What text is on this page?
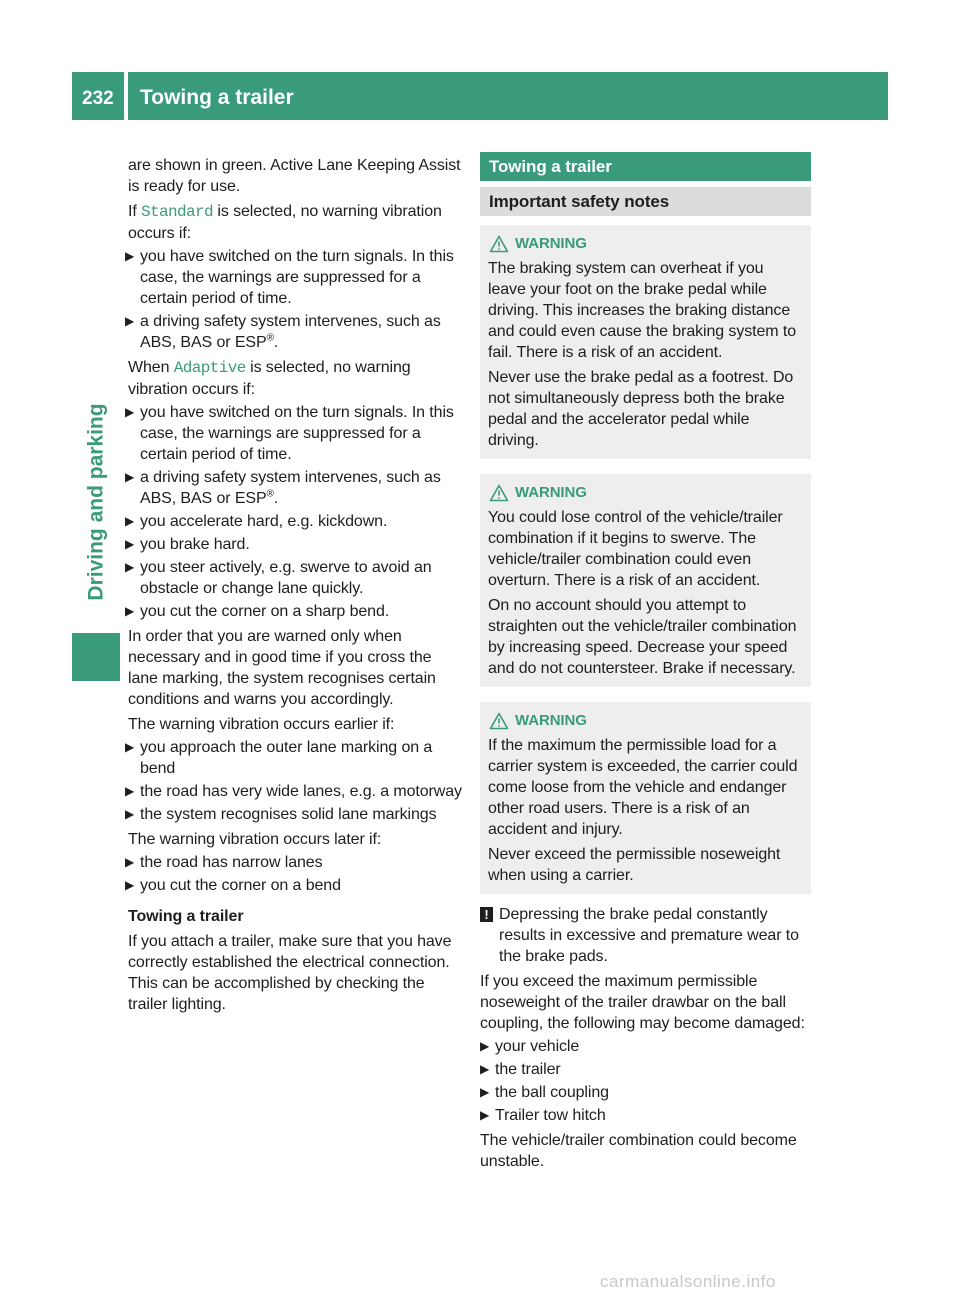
232 Towing a trailer
Driving and parking

are shown in green. Active Lane Keeping Assist is ready for use.

If Standard is selected, no warning vibration occurs if:

▶ you have switched on the turn signals. In this case, the warnings are suppressed for a certain period of time.
▶ a driving safety system intervenes, such as ABS, BAS or ESP®.

When Adaptive is selected, no warning vibration occurs if:

▶ you have switched on the turn signals. In this case, the warnings are suppressed for a certain period of time.
▶ a driving safety system intervenes, such as ABS, BAS or ESP®.
▶ you accelerate hard, e.g. kickdown.
▶ you brake hard.
▶ you steer actively, e.g. swerve to avoid an obstacle or change lane quickly.
▶ you cut the corner on a sharp bend.

In order that you are warned only when necessary and in good time if you cross the lane marking, the system recognises certain conditions and warns you accordingly.

The warning vibration occurs earlier if:

▶ you approach the outer lane marking on a bend
▶ the road has very wide lanes, e.g. a motorway
▶ the system recognises solid lane markings

The warning vibration occurs later if:

▶ the road has narrow lanes
▶ you cut the corner on a bend

Towing a trailer

If you attach a trailer, make sure that you have correctly established the electrical connection. This can be accomplished by checking the trailer lighting.

Towing a trailer
Important safety notes
WARNING

The braking system can overheat if you leave your foot on the brake pedal while driving. This increases the braking distance and could even cause the braking system to fail. There is a risk of an accident.

Never use the brake pedal as a footrest. Do not simultaneously depress both the brake pedal and the accelerator pedal while driving.

WARNING

You could lose control of the vehicle/trailer combination if it begins to swerve. The vehicle/trailer combination could even overturn. There is a risk of an accident.

On no account should you attempt to straighten out the vehicle/trailer combination by increasing speed. Decrease your speed and do not countersteer. Brake if necessary.

WARNING

If the maximum the permissible load for a carrier system is exceeded, the carrier could come loose from the vehicle and endanger other road users. There is a risk of an accident and injury.

Never exceed the permissible noseweight when using a carrier.

! Depressing the brake pedal constantly results in excessive and premature wear to the brake pads.

If you exceed the maximum permissible noseweight of the trailer drawbar on the ball coupling, the following may become damaged:

▶ your vehicle
▶ the trailer
▶ the ball coupling
▶ Trailer tow hitch

The vehicle/trailer combination could become unstable.

carmanualsonline.info
